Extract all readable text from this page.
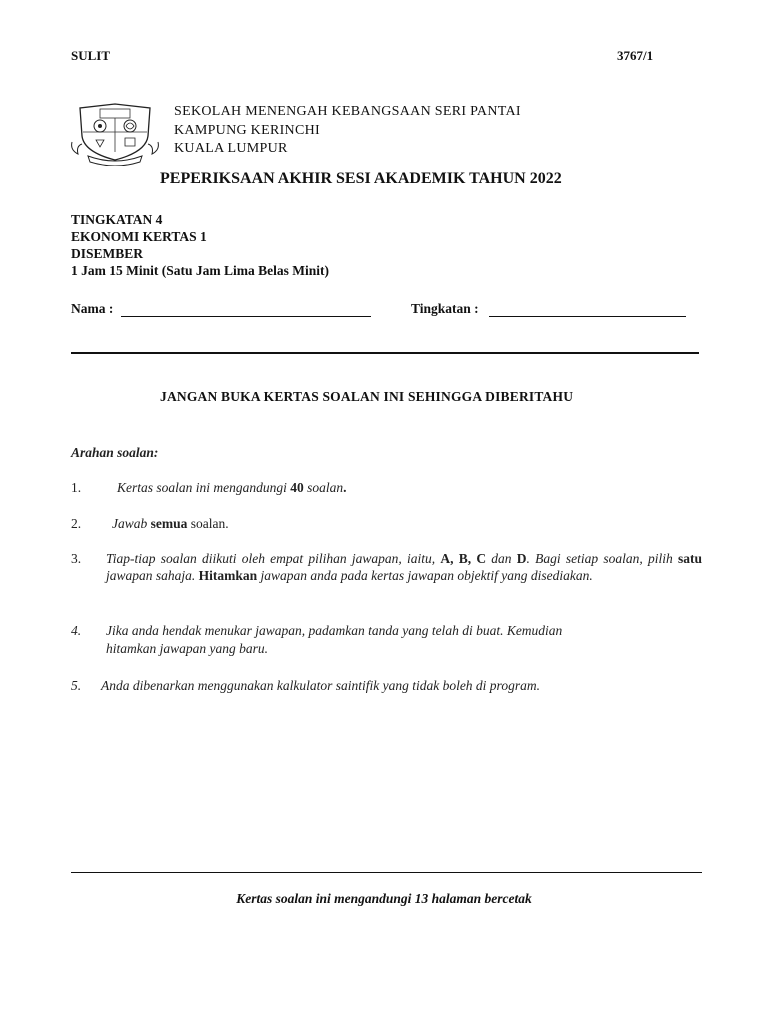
SULIT	3767/1
SEKOLAH MENENGAH KEBANGSAAN SERI PANTAI
KAMPUNG KERINCHI
KUALA LUMPUR
PEPERIKSAAN AKHIR SESI AKADEMIK TAHUN 2022
TINGKATAN 4
EKONOMI KERTAS 1
DISEMBER
1 Jam 15 Minit (Satu Jam Lima Belas Minit)
Nama :	Tingkatan :
JANGAN BUKA KERTAS SOALAN INI SEHINGGA DIBERITAHU
Arahan soalan:
1.	Kertas soalan ini mengandungi 40 soalan.
2. Jawab semua soalan.
3. Tiap-tiap soalan diikuti oleh empat pilihan jawapan, iaitu, A, B, C dan D. Bagi setiap soalan, pilih satu jawapan sahaja. Hitamkan jawapan anda pada kertas jawapan objektif yang disediakan.
4. Jika anda hendak menukar jawapan, padamkan tanda yang telah di buat. Kemudian
hitamkan jawapan yang baru.
5. Anda dibenarkan menggunakan kalkulator saintifik yang tidak boleh di program.
Kertas soalan ini mengandungi 13 halaman bercetak
